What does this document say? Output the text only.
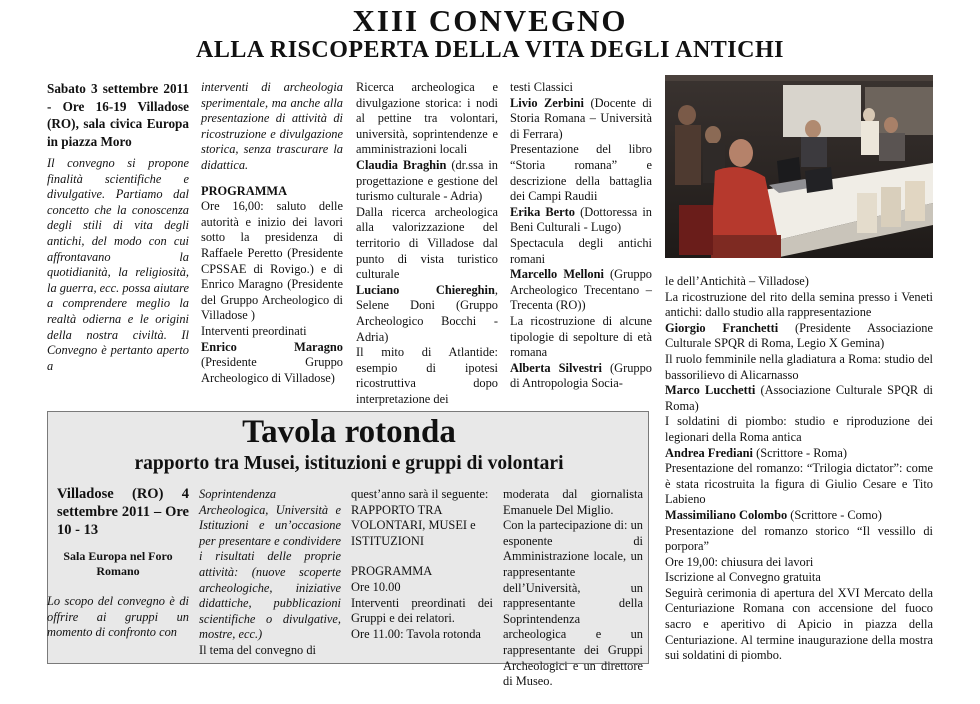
XIII CONVEGNO
ALLA RISCOPERTA DELLA VITA DEGLI ANTICHI

Sabato 3 settembre 2011 - Ore 16-19 Villadose (RO), sala civica Europa in piazza Moro

Il convegno si propone finalità scientifiche e divulgative. Partiamo dal concetto che la conoscenza degli stili di vita degli antichi, del modo con cui affrontavano la quotidianità, la religiosità, la guerra, ecc. possa aiutare a comprendere meglio la realtà odierna e le origini della nostra civiltà. Il Convegno è pertanto aperto a

interventi di archeologia sperimentale, ma anche alla presentazione di attività di ricostruzione e divulgazione storica, senza trascurare la didattica.

PROGRAMMA

Ore 16,00: saluto delle autorità e inizio dei lavori sotto la presidenza di Raffaele Peretto (Presidente CPSSAE di Rovigo.) e di Enrico Maragno (Presidente del Gruppo Archeologico di Villadose )

Interventi preordinati

Enrico Maragno (Presidente Gruppo Archeologico di Villadose)

Ricerca archeologica e divulgazione storica: i nodi al pettine tra volontari, università, soprintendenze e amministrazioni locali

Claudia Braghin (dr.ssa in progettazione e gestione del turismo culturale - Adria)

Dalla ricerca archeologica alla valorizzazione del territorio di Villadose dal punto di vista turistico culturale

Luciano Chiereghin, Selene Doni (Gruppo Archeologico Bocchi - Adria)

Il mito di Atlantide: esempio di ipotesi ricostruttiva dopo interpretazione dei

testi Classici

Livio Zerbini (Docente di Storia Romana – Università di Ferrara)

Presentazione del libro “Storia romana” e descrizione della battaglia dei Campi Raudii

Erika Berto (Dottoressa in Beni Culturali - Lugo)

Spectacula degli antichi romani

Marcello Melloni (Gruppo Archeologico Trecentano – Trecenta (RO))

La ricostruzione di alcune tipologie di sepolture di età romana

Alberta Silvestri (Gruppo di Antropologia Socia-

le dell’Antichità – Villadose)

La ricostruzione del rito della semina presso i Veneti antichi: dallo studio alla rappresentazione

Giorgio Franchetti (Presidente Associazione Culturale SPQR di Roma, Legio X Gemina)

Il ruolo femminile nella gladiatura a Roma: studio del bassorilievo di Alicarnasso

Marco Lucchetti (Associazione Culturale SPQR di Roma)

I soldatini di piombo: studio e riproduzione dei legionari della Roma antica

Andrea Frediani (Scrittore - Roma)

Presentazione del romanzo: “Trilogia dictator”: come è stata ricostruita la figura di Giulio Cesare e Tito Labieno

Massimiliano Colombo (Scrittore - Como)

Presentazione del romanzo storico “Il vessillo di porpora”

Ore 19,00: chiusura dei lavori

Iscrizione al Convegno gratuita

Seguirà cerimonia di apertura del XVI Mercato della Centuriazione Romana con accensione del fuoco sacro e aperitivo di Apicio in piazza della Centuriazione. Al termine inaugurazione della mostra sui soldatini di piombo.

Tavola rotonda
rapporto tra Musei, istituzioni e gruppi di volontari

Villadose (RO) 4 settembre 2011 – Ore 10 - 13

Sala Europa nel Foro Romano

Lo scopo del convegno è di offrire ai gruppi un momento di confronto con

Soprintendenza Archeologica, Università e Istituzioni e un’occasione per presentare e condividere i risultati delle proprie attività: (nuove scoperte archeologiche, iniziative didattiche, pubblicazioni scientifiche o divulgative, mostre, ecc.)

Il tema del convegno di

quest’anno sarà il seguente:

RAPPORTO TRA VOLONTARI, MUSEI e ISTITUZIONI

PROGRAMMA

Ore 10.00

Interventi preordinati dei Gruppi e dei relatori.

Ore 11.00: Tavola rotonda

moderata dal giornalista Emanuele Del Miglio.

Con la partecipazione di: un esponente di Amministrazione locale, un rappresentante dell’Università, un rappresentante della Soprintendenza archeologica e un rappresentante dei Gruppi Archeologici e un direttore di Museo.
